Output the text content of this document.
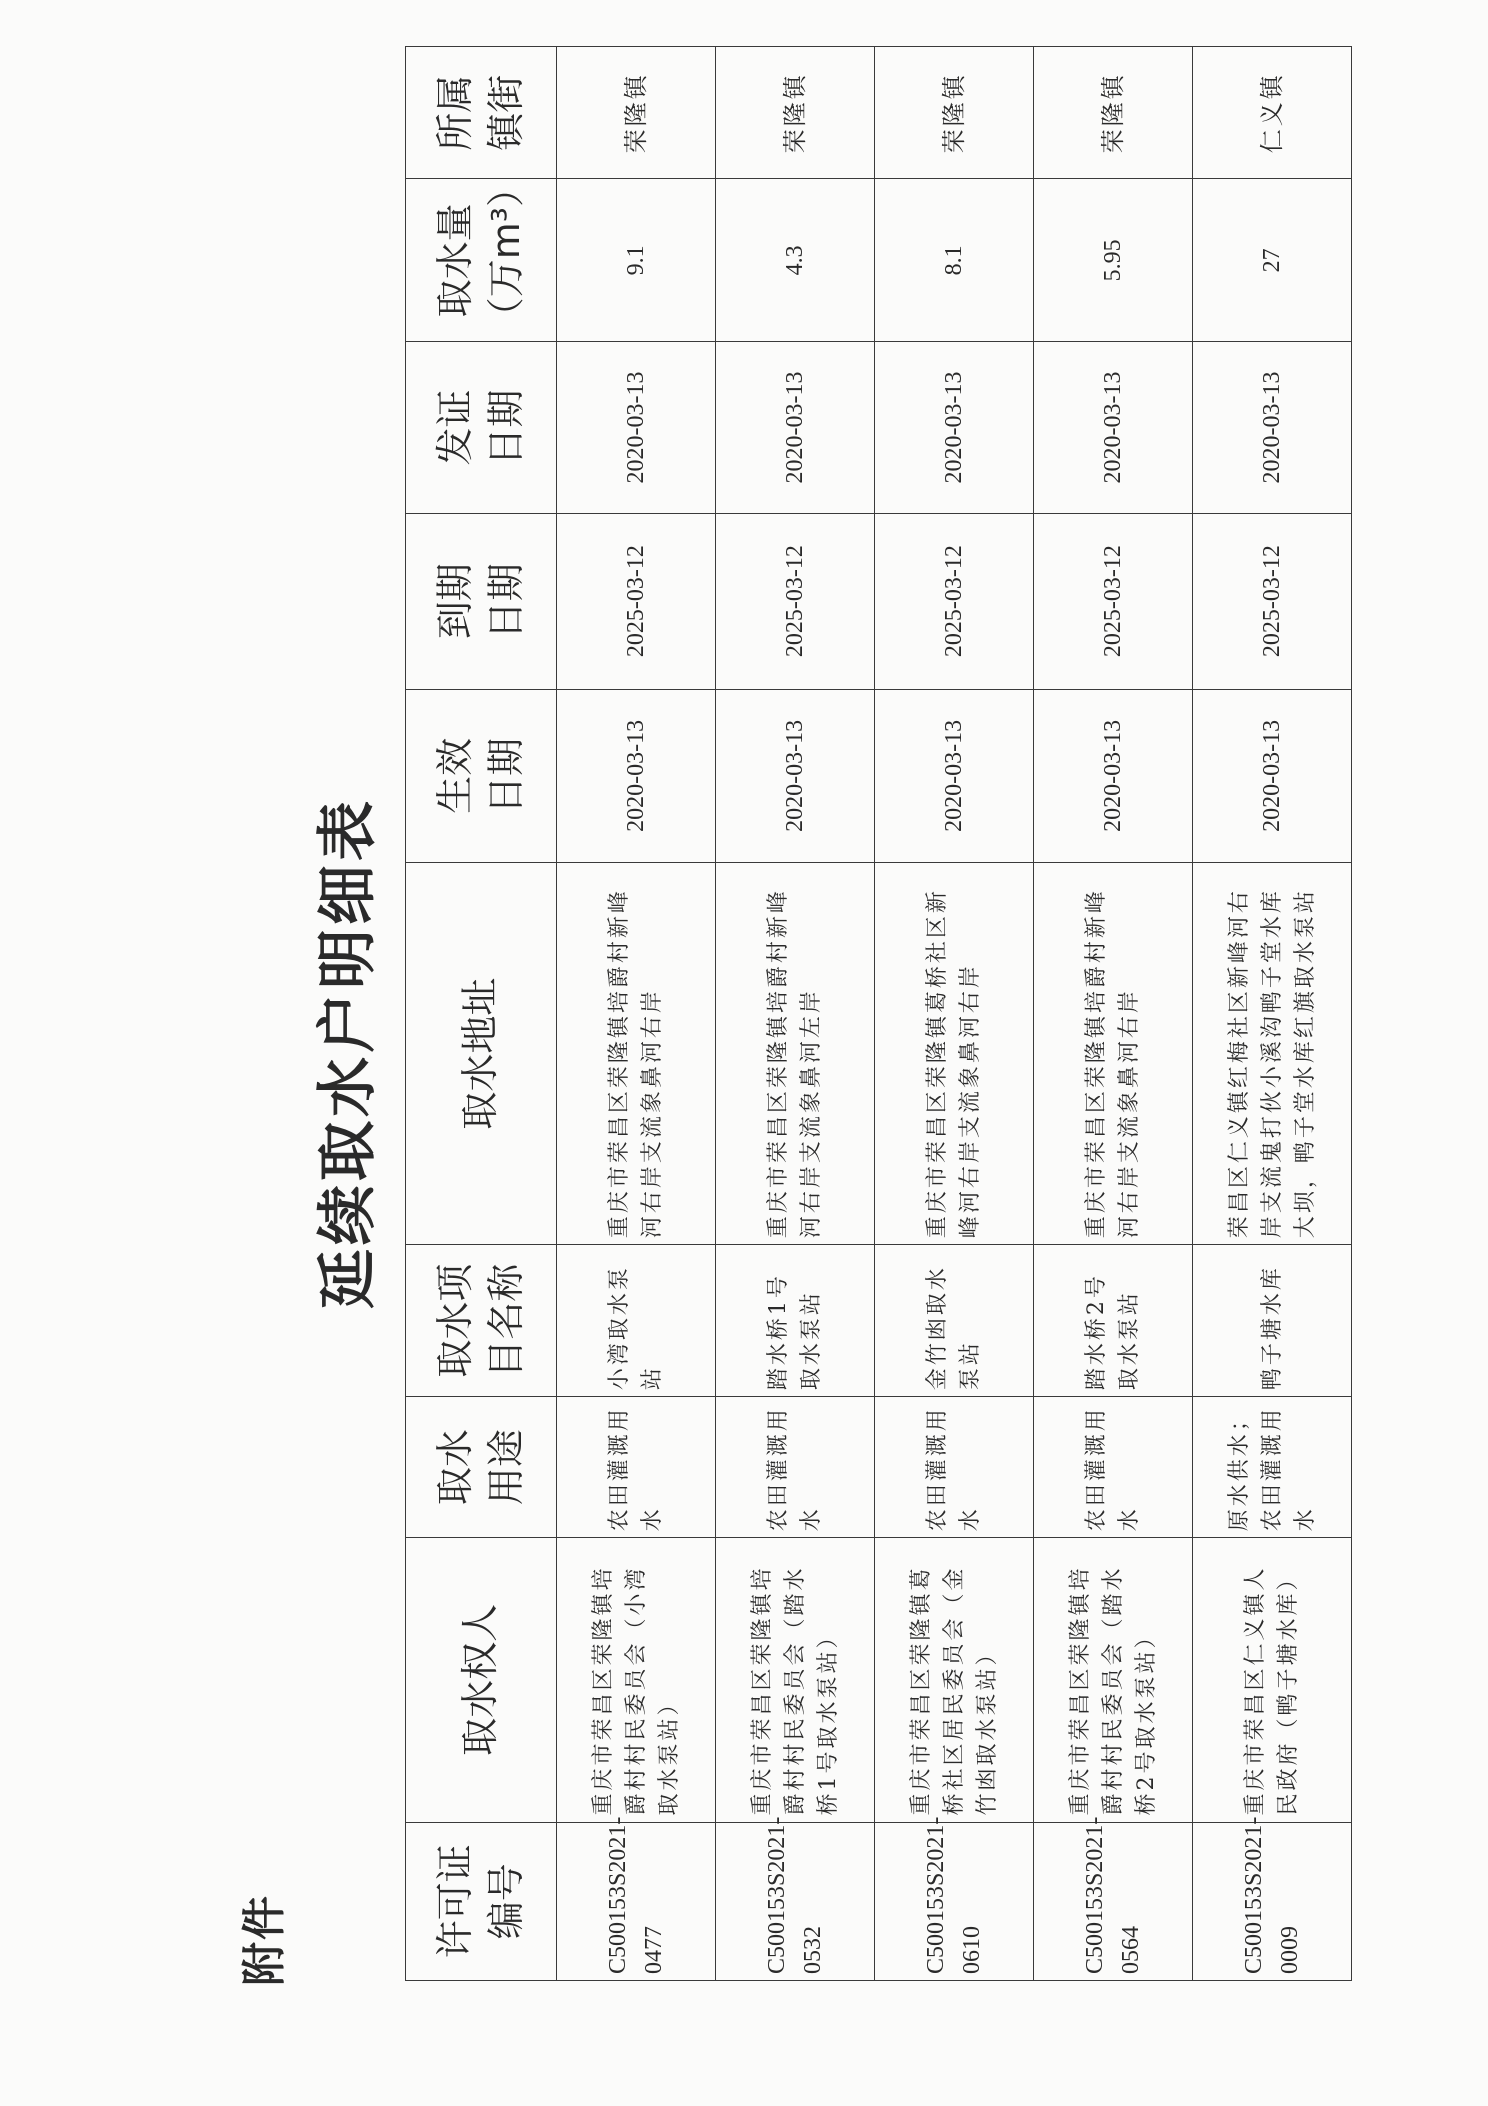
附件
延续取水户明细表
许可证 编号	取水权人	取水 用途	取水项 目名称	取水地址	生效 日期	到期 日期	发证 日期	取水量 （万m³）	所属 镇街
C500153S2021-0477	重庆市荣昌区荣隆镇培爵村村民委员会（小湾取水泵站）	农田灌溉用水	小湾取水泵站	重庆市荣昌区荣隆镇培爵村新峰河右岸支流象鼻河右岸	2020-03-13	2025-03-12	2020-03-13	9.1	荣隆镇
C500153S2021-0532	重庆市荣昌区荣隆镇培爵村村民委员会（踏水桥1号取水泵站）	农田灌溉用水	踏水桥1号取水泵站	重庆市荣昌区荣隆镇培爵村新峰河右岸支流象鼻河左岸	2020-03-13	2025-03-12	2020-03-13	4.3	荣隆镇
C500153S2021-0610	重庆市荣昌区荣隆镇葛桥社区居民委员会（金竹凼取水泵站）	农田灌溉用水	金竹凼取水泵站	重庆市荣昌区荣隆镇葛桥社区新峰河右岸支流象鼻河右岸	2020-03-13	2025-03-12	2020-03-13	8.1	荣隆镇
C500153S2021-0564	重庆市荣昌区荣隆镇培爵村村民委员会（踏水桥2号取水泵站）	农田灌溉用水	踏水桥2号取水泵站	重庆市荣昌区荣隆镇培爵村新峰河右岸支流象鼻河右岸	2020-03-13	2025-03-12	2020-03-13	5.95	荣隆镇
C500153S2021-0009	重庆市荣昌区仁义镇人民政府（鸭子塘水库）	原水供水；农田灌溉用水	鸭子塘水库	荣昌区仁义镇红梅社区新峰河右岸支流鬼打伙小溪沟鸭子堂水库大坝，鸭子堂水库红旗取水泵站	2020-03-13	2025-03-12	2020-03-13	27	仁义镇
